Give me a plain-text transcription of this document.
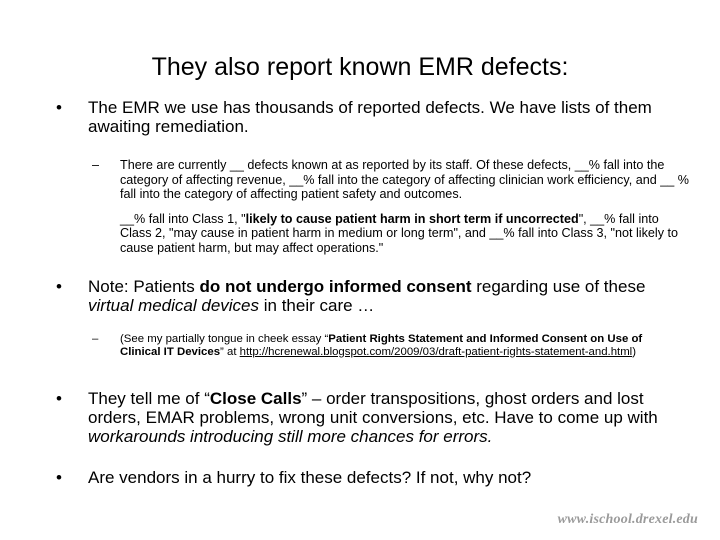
They also report known EMR defects:
• The EMR we use has thousands of reported defects. We have lists of them awaiting remediation.
– There are currently __ defects known at as reported by its staff. Of these defects, __% fall into the category of affecting revenue, __% fall into the category of affecting clinician work efficiency, and __ % fall into the category of affecting patient safety and outcomes.

__% fall into Class 1, "likely to cause patient harm in short term if uncorrected", __% fall into Class 2, "may cause in patient harm in medium or long term", and __% fall into Class 3, "not likely to cause patient harm, but may affect operations."

• Note: Patients do not undergo informed consent regarding use of these virtual medical devices in their care …
– (See my partially tongue in cheek essay “Patient Rights Statement and Informed Consent on Use of Clinical IT Devices” at http://hcrenewal.blogspot.com/2009/03/draft-patient-rights-statement-and.html)
• They tell me of “Close Calls” – order transpositions, ghost orders and lost orders, EMAR problems, wrong unit conversions, etc. Have to come up with workarounds introducing still more chances for errors.
• Are vendors in a hurry to fix these defects? If not, why not?
www.ischool.drexel.edu
